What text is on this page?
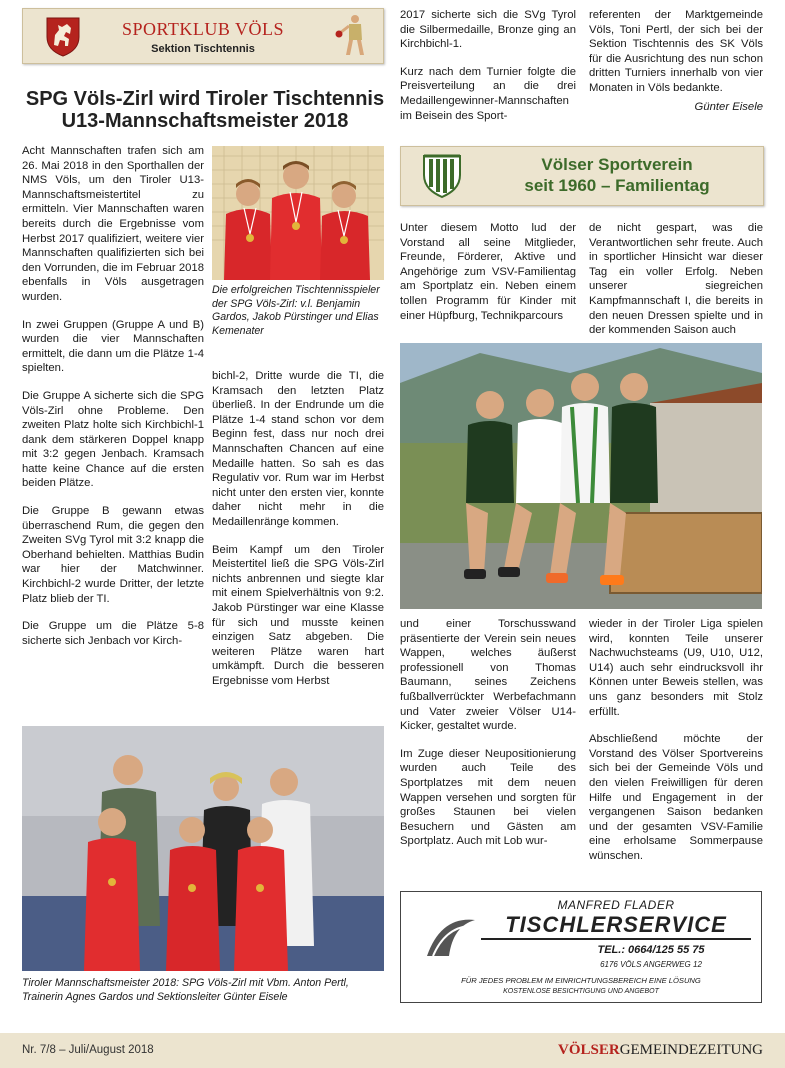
SPORTKLUB VÖLS
Sektion Tischtennis
SPG Völs-Zirl wird Tiroler Tischtennis
U13-Mannschaftsmeister 2018

Acht Mannschaften trafen sich am 26. Mai 2018 in den Sporthallen der NMS Völs, um den Tiroler U13-Mannschaftsmeistertitel zu ermitteln. Vier Mannschaften waren bereits durch die Ergebnisse vom Herbst 2017 qualifiziert, weitere vier Mannschaften qualifizierten sich bei den Vorrunden, die im Februar 2018 ebenfalls in Völs ausgetragen wurden.

In zwei Gruppen (Gruppe A und B) wurden die vier Mannschaften ermittelt, die dann um die Plätze 1-4 spielten.

Die Gruppe A sicherte sich die SPG Völs-Zirl ohne Probleme. Den zweiten Platz holte sich Kirchbichl-1 dank dem stärkeren Doppel knapp mit 3:2 gegen Jenbach. Kramsach hatte keine Chance auf die ersten beiden Plätze.

Die Gruppe B gewann etwas überraschend Rum, die gegen den Zweiten SVg Tyrol mit 3:2 knapp die Oberhand behielten. Matthias Budin war hier der Matchwinner. Kirchbichl-2 wurde Dritter, der letzte Platz blieb der TI.

Die Gruppe um die Plätze 5-8 sicherte sich Jenbach vor Kirch-

Die erfolgreichen Tischtennisspieler der SPG Völs-Zirl: v.l. Benjamin Gardos, Jakob Pürstinger und Elias Kemenater

bichl-2, Dritte wurde die TI, die Kramsach den letzten Platz überließ. In der Endrunde um die Plätze 1-4 stand schon vor dem Beginn fest, dass nur noch drei Mannschaften Chancen auf eine Medaille hatten. So sah es das Regulativ vor. Rum war im Herbst nicht unter den ersten vier, konnte daher nicht mehr in die Medaillenränge kommen.

Beim Kampf um den Tiroler Meistertitel ließ die SPG Völs-Zirl nichts anbrennen und siegte klar mit einem Spielverhältnis von 9:2. Jakob Pürstinger war eine Klasse für sich und musste keinen einzigen Satz abgeben. Die weiteren Plätze waren hart umkämpft. Durch die besseren Ergebnisse vom Herbst

Tiroler Mannschaftsmeister 2018: SPG Völs-Zirl mit Vbm. Anton Pertl, Trainerin Agnes Gardos und Sektionsleiter Günter Eisele

2017 sicherte sich die SVg Tyrol die Silbermedaille, Bronze ging an Kirchbichl-1.

Kurz nach dem Turnier folgte die Preisverteilung an die drei Medaillengewinner-Mannschaften im Beisein des Sport-

referenten der Marktgemeinde Völs, Toni Pertl, der sich bei der Sektion Tischtennis des SK Völs für die Ausrichtung des nun schon dritten Turniers innerhalb von vier Monaten in Völs bedankte.

Günter Eisele
Völser Sportverein
seit 1960 – Familientag

Unter diesem Motto lud der Vorstand all seine Mitglieder, Freunde, Förderer, Aktive und Angehörige zum VSV-Familientag am Sportplatz ein. Neben einem tollen Programm für Kinder mit einer Hüpfburg, Technikparcours

de nicht gespart, was die Verantwortlichen sehr freute. Auch in sportlicher Hinsicht war dieser Tag ein voller Erfolg. Neben unserer siegreichen Kampfmannschaft I, die bereits in den neuen Dressen spielte und in der kommenden Saison auch

und einer Torschusswand präsentierte der Verein sein neues Wappen, welches äußerst professionell von Thomas Baumann, seines Zeichens fußballverrückter Werbefachmann und Vater zweier Völser U14-Kicker, gestaltet wurde.

Im Zuge dieser Neupositionierung wurden auch Teile des Sportplatzes mit dem neuen Wappen versehen und sorgten für großes Staunen bei vielen Besuchern und Gästen am Sportplatz. Auch mit Lob wur-

wieder in der Tiroler Liga spielen wird, konnten Teile unserer Nachwuchsteams (U9, U10, U12, U14) auch sehr eindrucksvoll ihr Können unter Beweis stellen, was uns ganz besonders mit Stolz erfüllt.

Abschließend möchte der Vorstand des Völser Sportvereins sich bei der Gemeinde Völs und den vielen Freiwilligen für deren Hilfe und Engagement in der vergangenen Saison bedanken und der gesamten VSV-Familie eine erholsame Sommerpause wünschen.

MANFRED FLADER
TISCHLERSERVICE
TEL.: 0664/125 55 75
6176 VÖLS ANGERWEG 12
FÜR JEDES PROBLEM IM EINRICHTUNGSBEREICH EINE LÖSUNG
KOSTENLOSE BESICHTIGUNG UND ANGEBOT
Nr. 7/8 – Juli/August 2018	VÖLSERGEMEINDEZEITUNG
